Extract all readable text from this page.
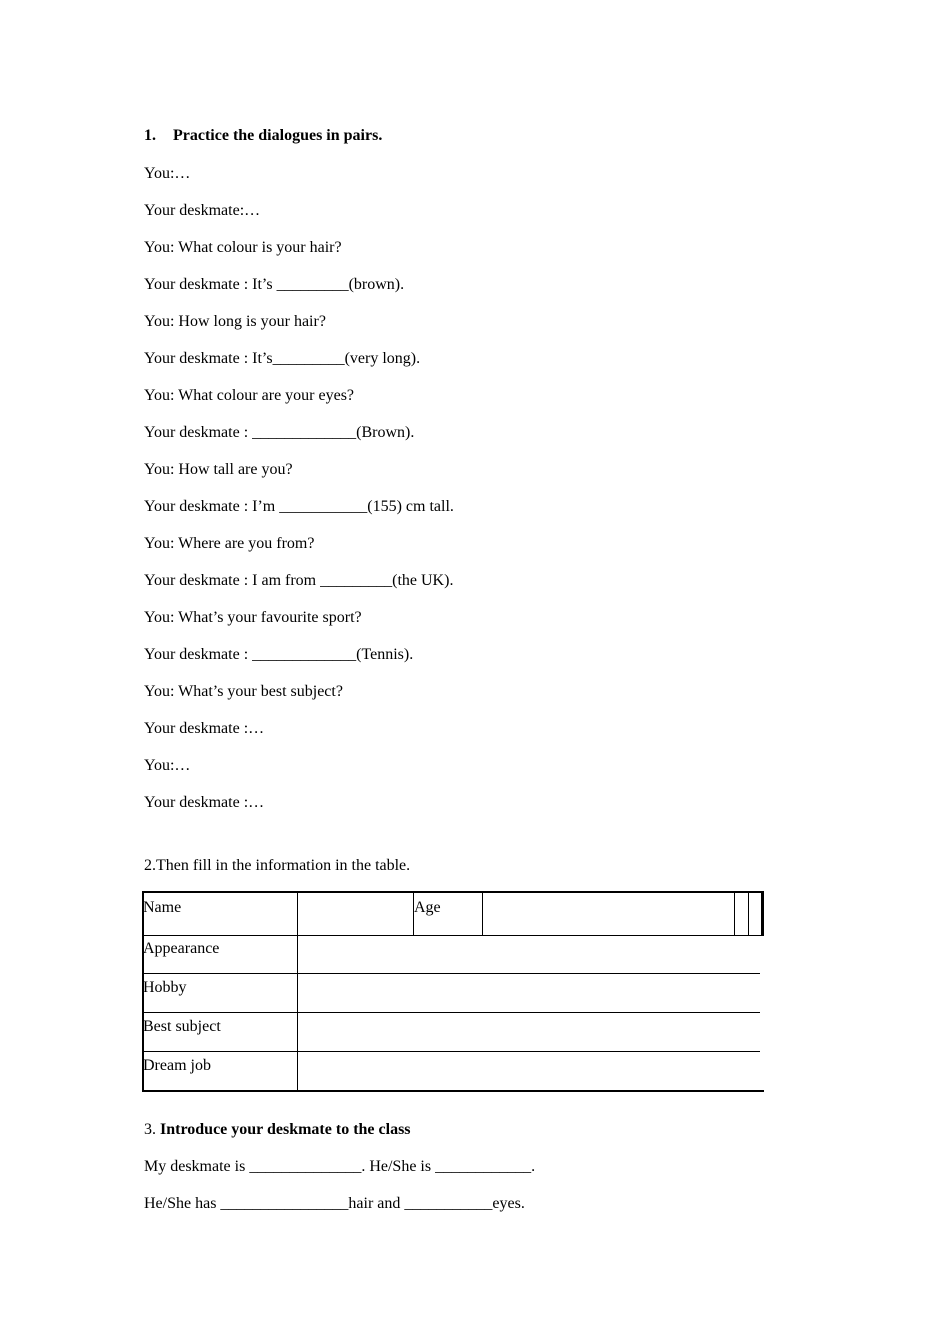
1. Practice the dialogues in pairs.
You:…
Your deskmate:…
You: What colour is your hair?
Your deskmate : It’s _________(brown).
You: How long is your hair?
Your deskmate : It’s_________(very long).
You: What colour are your eyes?
Your deskmate : _____________(Brown).
You: How tall are you?
Your deskmate : I’m ___________(155) cm tall.
You: Where are you from?
Your deskmate : I am from _________(the UK).
You: What’s your favourite sport?
Your deskmate : _____________(Tennis).
You: What’s your best subject?
Your deskmate :…
You:…
Your deskmate :…
2.Then fill in the information in the table.
Name	Age
Appearance
Hobby
Best subject
Dream job
3. Introduce your deskmate to the class
My deskmate is ______________. He/She is ____________.
He/She has ________________hair and ___________eyes.
